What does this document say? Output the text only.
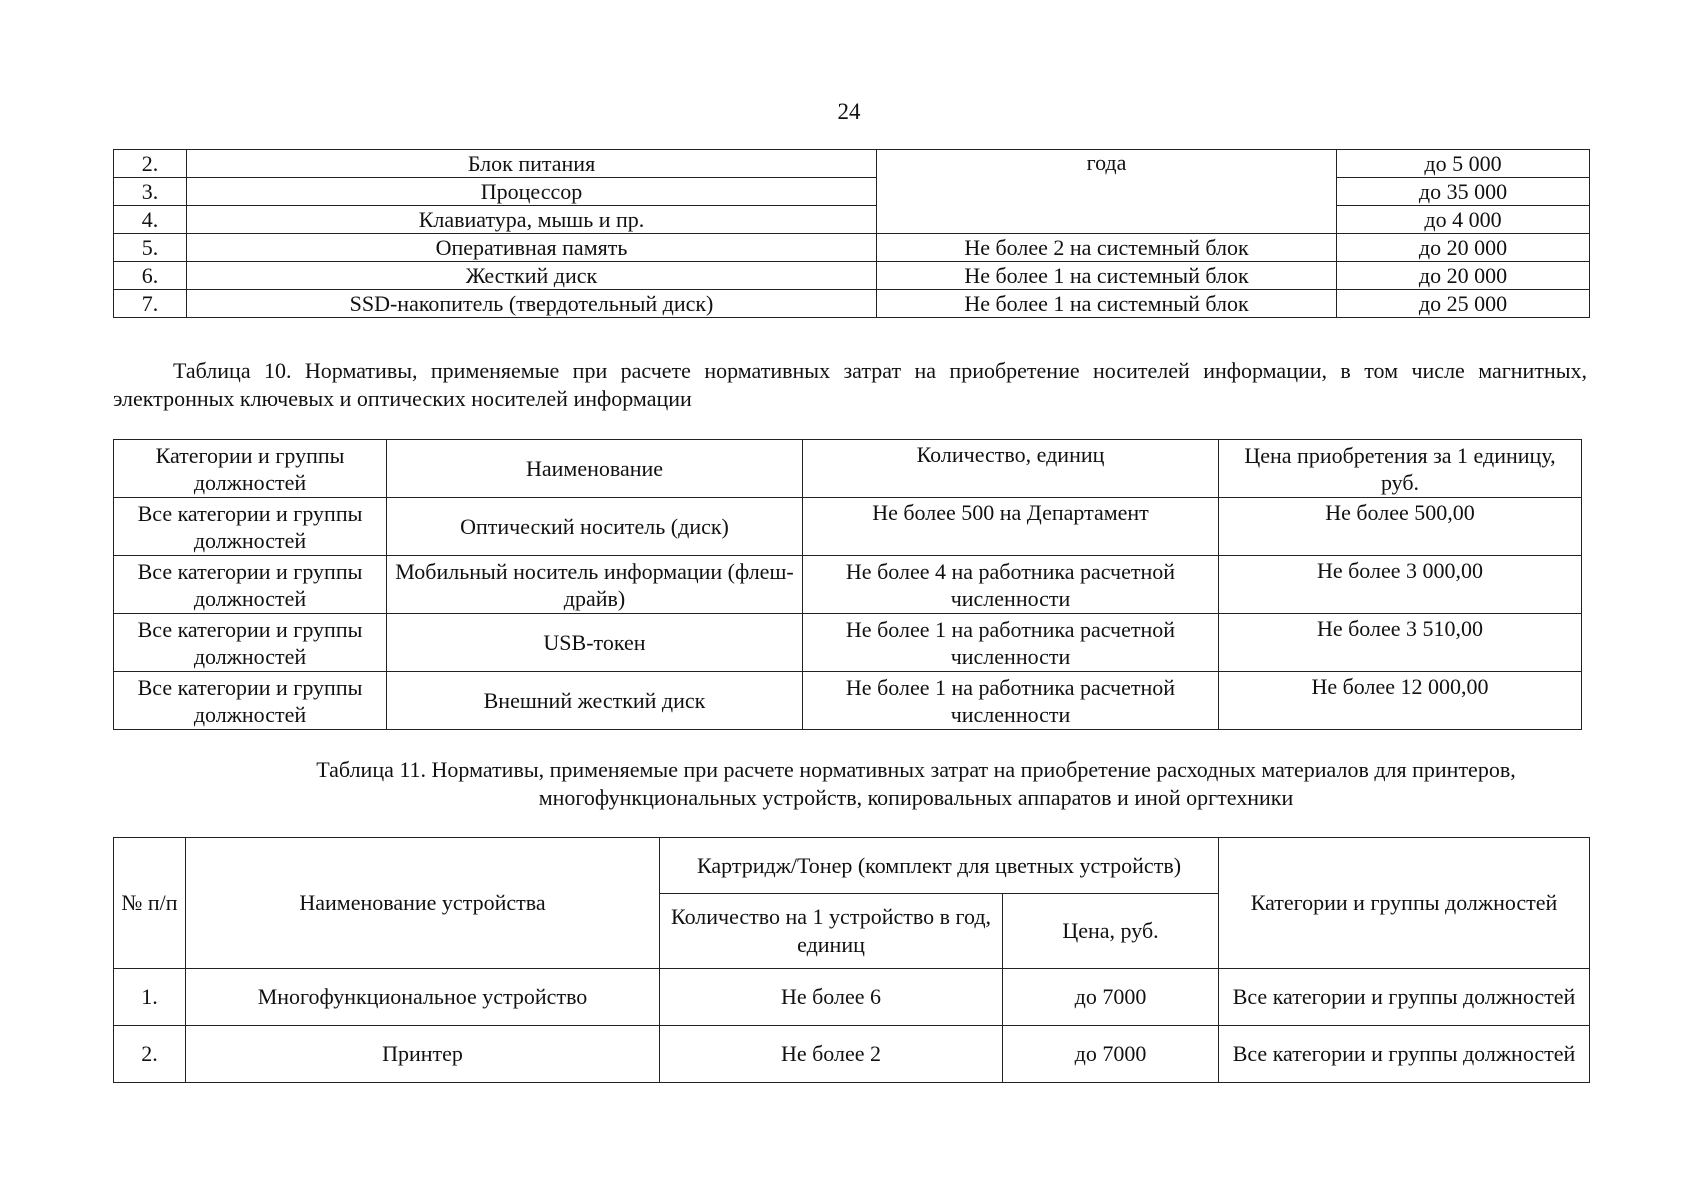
24
2.	Блок питания	года	до 5 000
3.	Процессор		до 35 000
4.	Клавиатура, мышь и пр.		до 4 000
5.	Оперативная память	Не более 2 на системный блок	до 20 000
6.	Жесткий диск	Не более 1 на системный блок	до 20 000
7.	SSD-накопитель (твердотельный диск)	Не более 1 на системный блок	до 25 000
Таблица 10. Нормативы, применяемые при расчете нормативных затрат на приобретение носителей информации, в том числе магнитных, электронных ключевых и оптических носителей информации
Категории и группы должностей	Наименование	Количество, единиц	Цена приобретения за 1 единицу, руб.
Все категории и группы должностей	Оптический носитель (диск)	Не более 500 на Департамент	Не более 500,00
Все категории и группы должностей	Мобильный носитель информации (флеш-драйв)	Не более 4 на работника расчетной численности	Не более 3 000,00
Все категории и группы должностей	USB-токен	Не более 1 на работника расчетной численности	Не более 3 510,00
Все категории и группы должностей	Внешний жесткий диск	Не более 1 на работника расчетной численности	Не более 12 000,00
Таблица 11. Нормативы, применяемые при расчете нормативных затрат на приобретение расходных материалов для принтеров, многофункциональных устройств, копировальных аппаратов и иной оргтехники
№ п/п	Наименование устройства	Картридж/Тонер (комплект для цветных устройств)		Категории и группы должностей
		Количество на 1 устройство в год, единиц	Цена, руб.	
1.	Многофункциональное устройство	Не более 6	до 7000	Все категории и группы должностей
2.	Принтер	Не более 2	до 7000	Все категории и группы должностей
